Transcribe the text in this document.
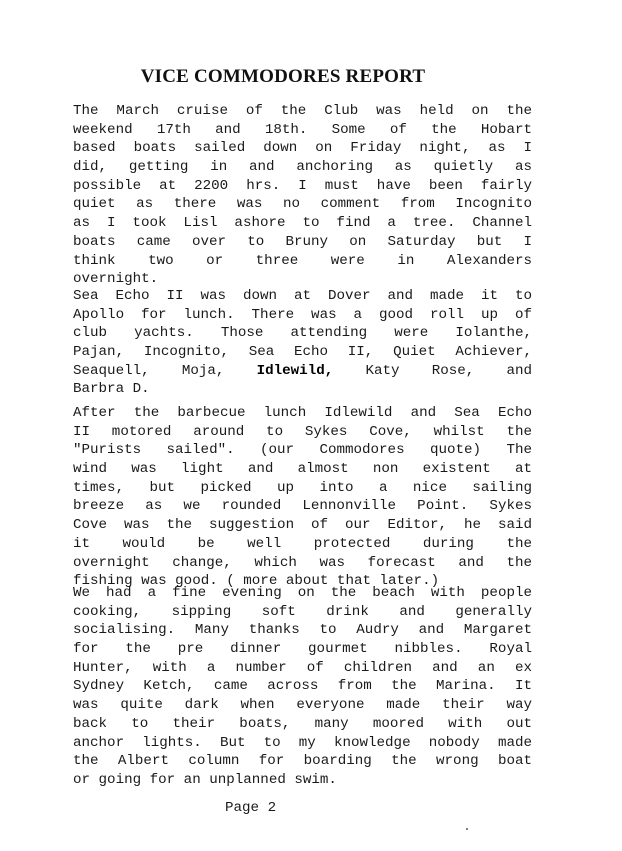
VICE COMMODORES REPORT
The March cruise of the Club was held on the
weekend 17th and 18th. Some of the Hobart
based boats sailed down on Friday night, as I
did, getting in and anchoring as quietly as
possible at 2200 hrs. I must have been fairly
quiet as there was no comment from Incognito
as I took Lisl ashore to find a tree. Channel
boats came over to Bruny on Saturday but I
think two or three were in Alexanders
overnight.
Sea Echo II was down at Dover and made it to
Apollo for lunch. There was a good roll up of
club yachts. Those attending were Iolanthe,
Pajan, Incognito, Sea Echo II, Quiet Achiever,
Seaquell, Moja, Idlewild, Katy Rose, and
Barbra D.
After the barbecue lunch Idlewild and Sea Echo
II motored around to Sykes Cove, whilst the
"Purists sailed". (our Commodores quote) The
wind was light and almost non existent at
times, but picked up into a nice sailing
breeze as we rounded Lennonville Point. Sykes
Cove was the suggestion of our Editor, he said
it would be well protected during the
overnight change, which was forecast and the
fishing was good. ( more about that later.)
We had a fine evening on the beach with people
cooking, sipping soft drink and generally
socialising. Many thanks to Audry and Margaret
for the pre dinner gourmet nibbles. Royal
Hunter, with a number of children and an ex
Sydney Ketch, came across from the Marina. It
was quite dark when everyone made their way
back to their boats, many moored with out
anchor lights. But to my knowledge nobody made
the Albert column for boarding the wrong boat
or going for an unplanned swim.
Page 2
